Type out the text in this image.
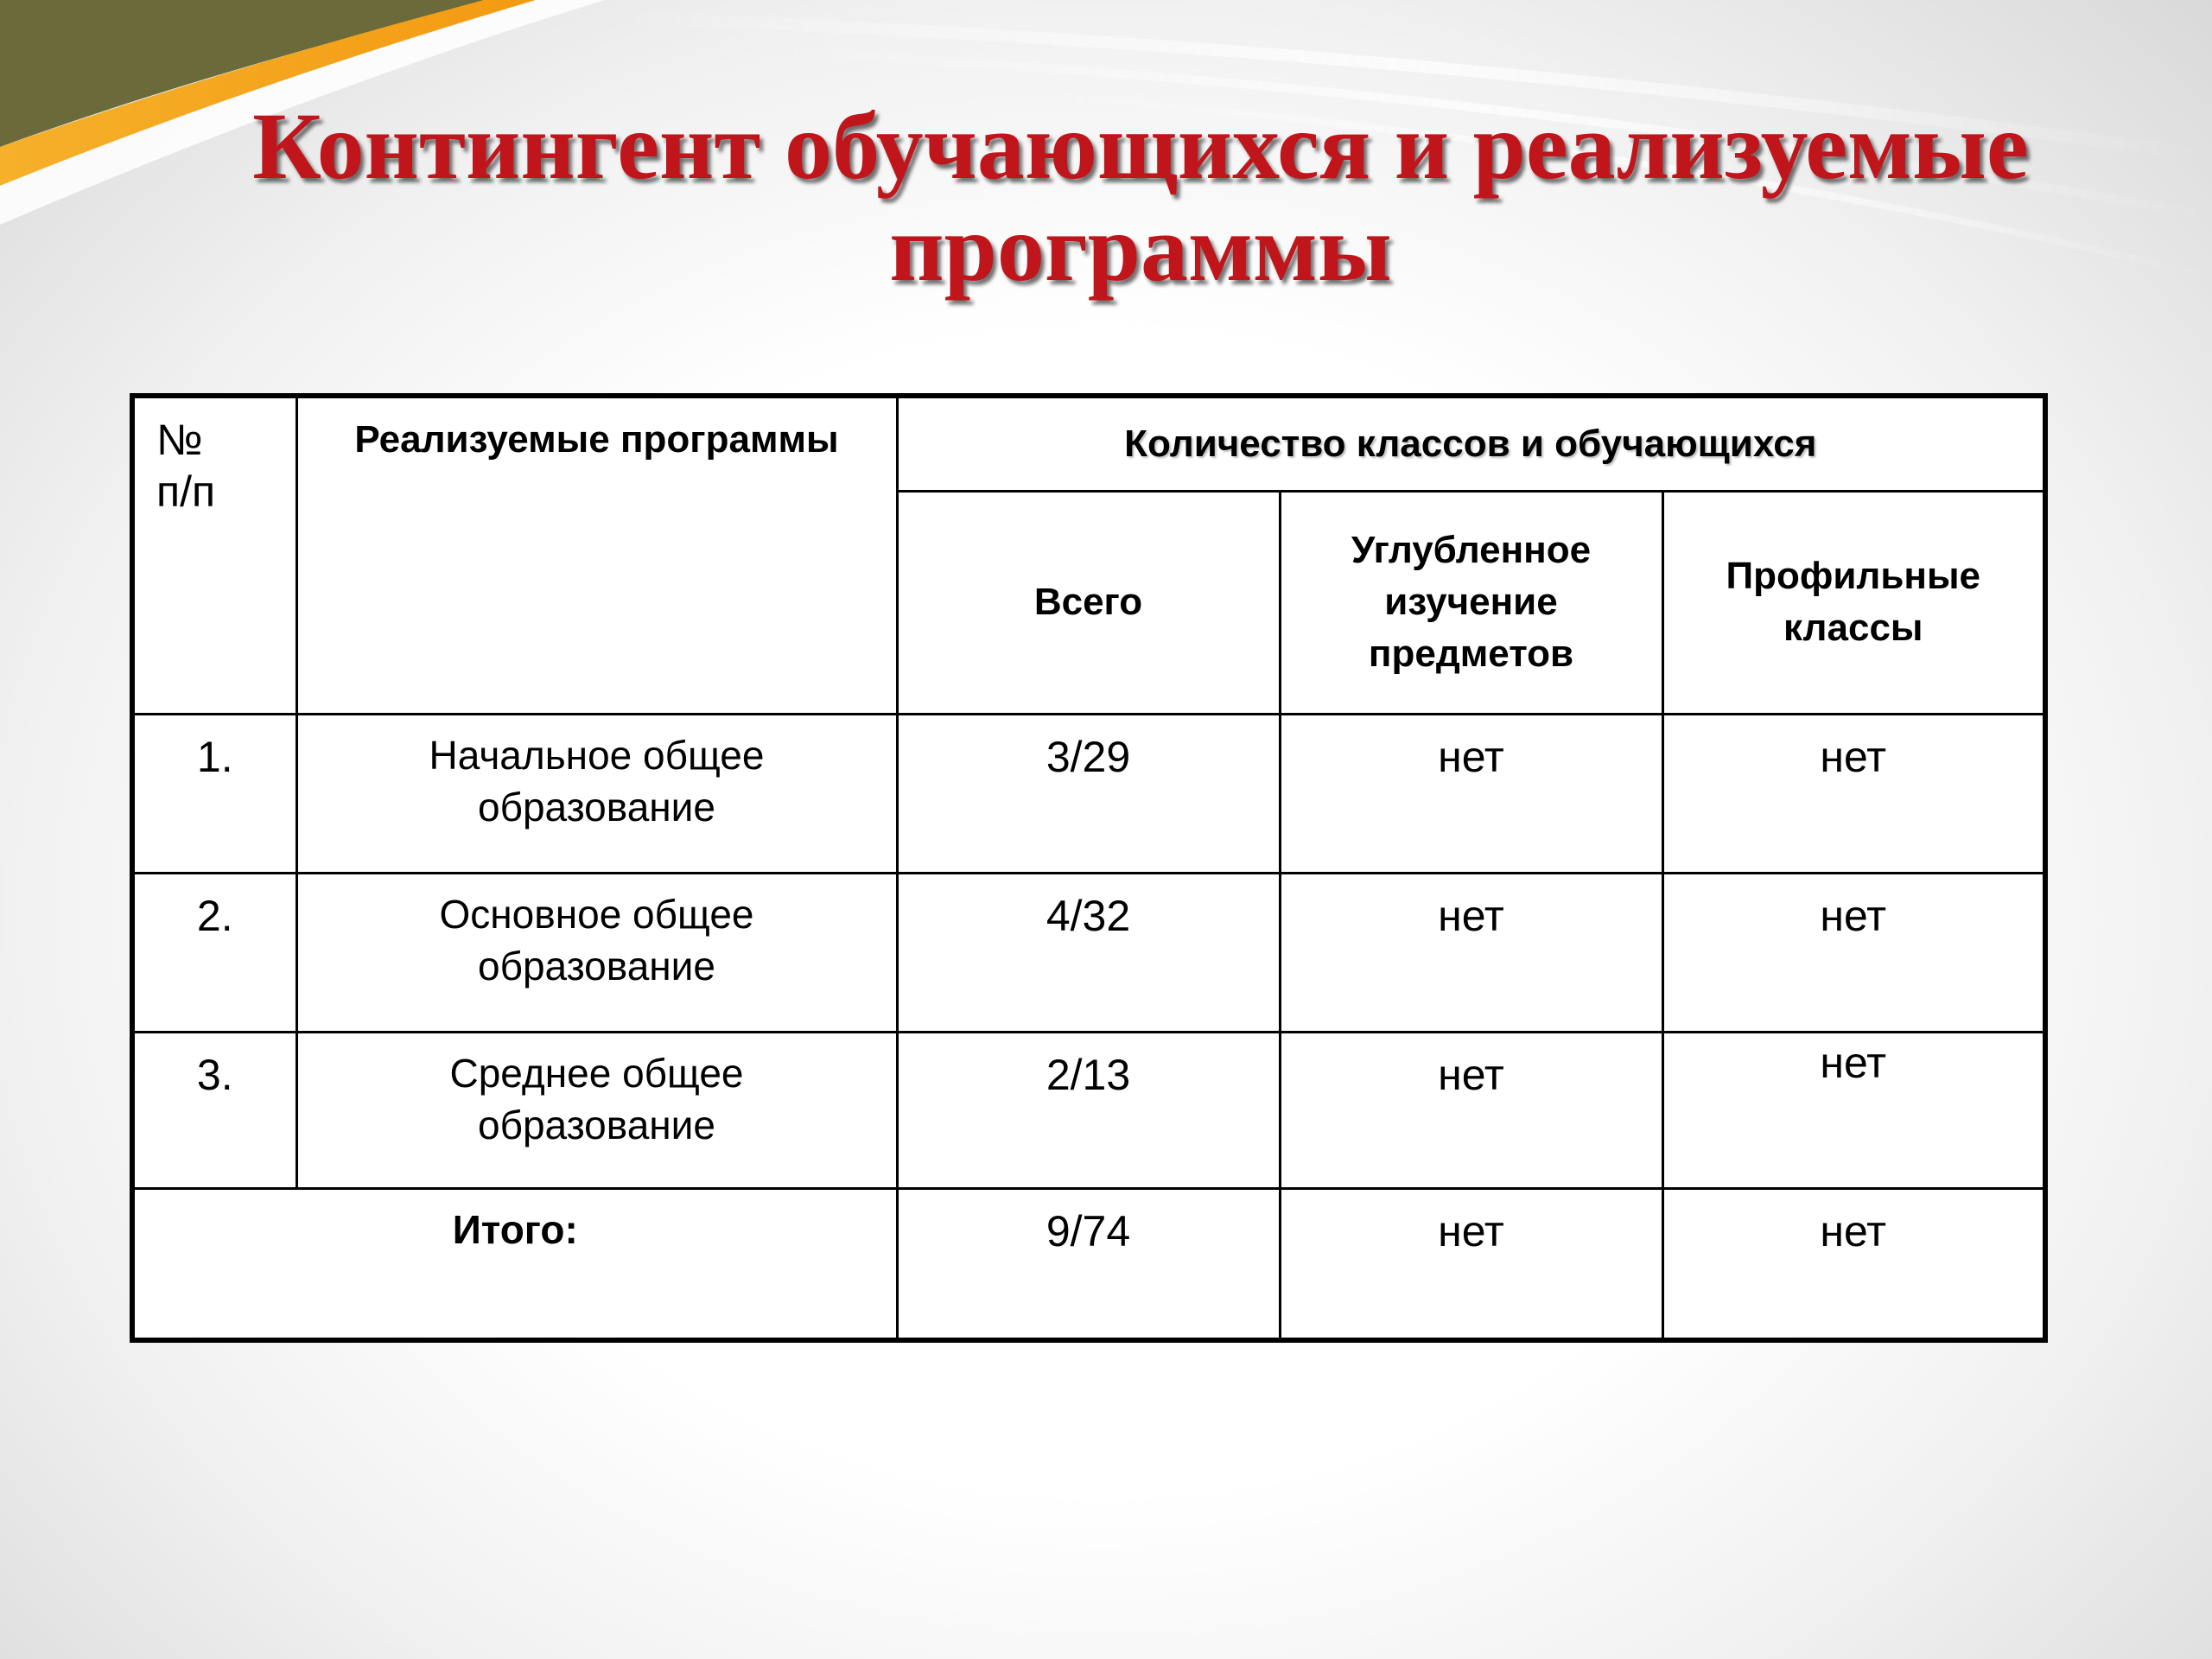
Контингент обучающихся и реализуемые
программы
№
п/п	Реализуемые программы	Количество классов и обучающихся		
		Всего	Углубленное
изучение
предметов	Профильные
классы
1.	Начальное общее
образование	3/29	нет	нет
2.	Основное общее
образование	4/32	нет	нет
3.	Среднее общее
образование	2/13	нет	нет
Итого:		9/74	нет	нет
